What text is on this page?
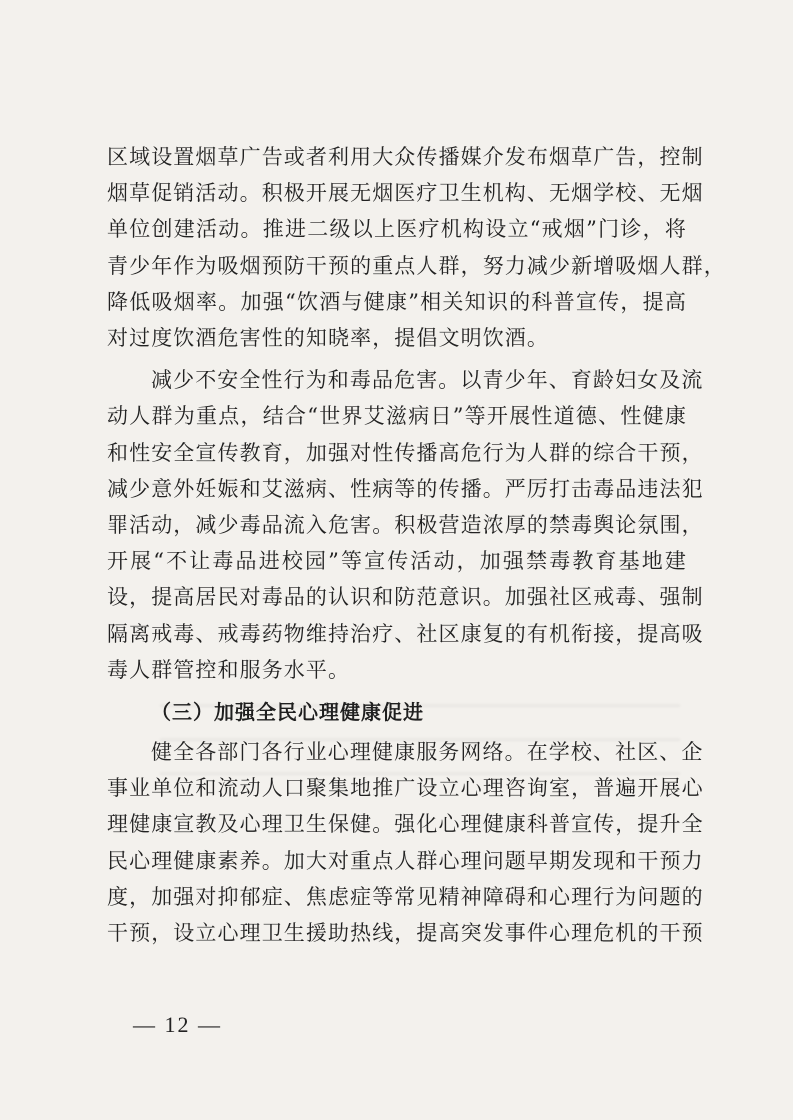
区域设置烟草广告或者利用大众传播媒介发布烟草广告，控制
烟草促销活动。积极开展无烟医疗卫生机构、无烟学校、无烟
单位创建活动。推进二级以上医疗机构设立“戒烟”门诊，将
青少年作为吸烟预防干预的重点人群，努力减少新增吸烟人群，
降低吸烟率。加强“饮酒与健康”相关知识的科普宣传，提高
对过度饮酒危害性的知晓率，提倡文明饮酒。
减少不安全性行为和毒品危害。以青少年、育龄妇女及流
动人群为重点，结合“世界艾滋病日”等开展性道德、性健康
和性安全宣传教育，加强对性传播高危行为人群的综合干预，
减少意外妊娠和艾滋病、性病等的传播。严厉打击毒品违法犯
罪活动，减少毒品流入危害。积极营造浓厚的禁毒舆论氛围，
开展“不让毒品进校园”等宣传活动，加强禁毒教育基地建
设，提高居民对毒品的认识和防范意识。加强社区戒毒、强制
隔离戒毒、戒毒药物维持治疗、社区康复的有机衔接，提高吸
毒人群管控和服务水平。
（三）加强全民心理健康促进
健全各部门各行业心理健康服务网络。在学校、社区、企
事业单位和流动人口聚集地推广设立心理咨询室，普遍开展心
理健康宣教及心理卫生保健。强化心理健康科普宣传，提升全
民心理健康素养。加大对重点人群心理问题早期发现和干预力
度，加强对抑郁症、焦虑症等常见精神障碍和心理行为问题的
干预，设立心理卫生援助热线，提高突发事件心理危机的干预
— 12 —
